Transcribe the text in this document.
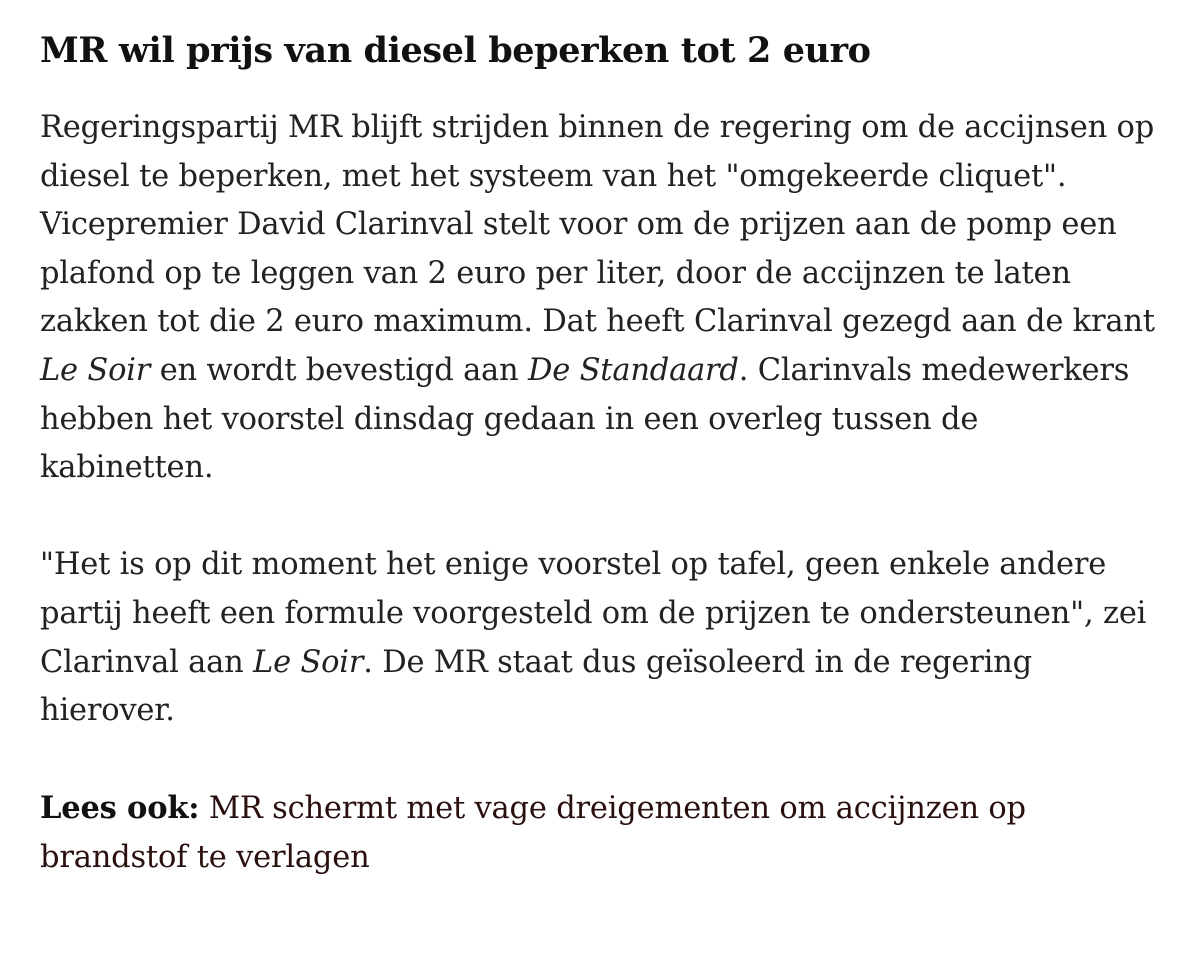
MR wil prijs van diesel beperken tot 2 euro

Regeringspartij MR blijft strijden binnen de regering om de accijnsen op diesel te beperken, met het systeem van het "omgekeerde cliquet". Vicepremier David Clarinval stelt voor om de prijzen aan de pomp een plafond op te leggen van 2 euro per liter, door de accijnzen te laten zakken tot die 2 euro maximum. Dat heeft Clarinval gezegd aan de krant Le Soir en wordt bevestigd aan De Standaard. Clarinvals medewerkers hebben het voorstel dinsdag gedaan in een overleg tussen de kabinetten.

"Het is op dit moment het enige voorstel op tafel, geen enkele andere partij heeft een formule voorgesteld om de prijzen te ondersteunen", zei Clarinval aan Le Soir. De MR staat dus geïsoleerd in de regering hierover.

Lees ook: MR schermt met vage dreigementen om accijnzen op brandstof te verlagen
